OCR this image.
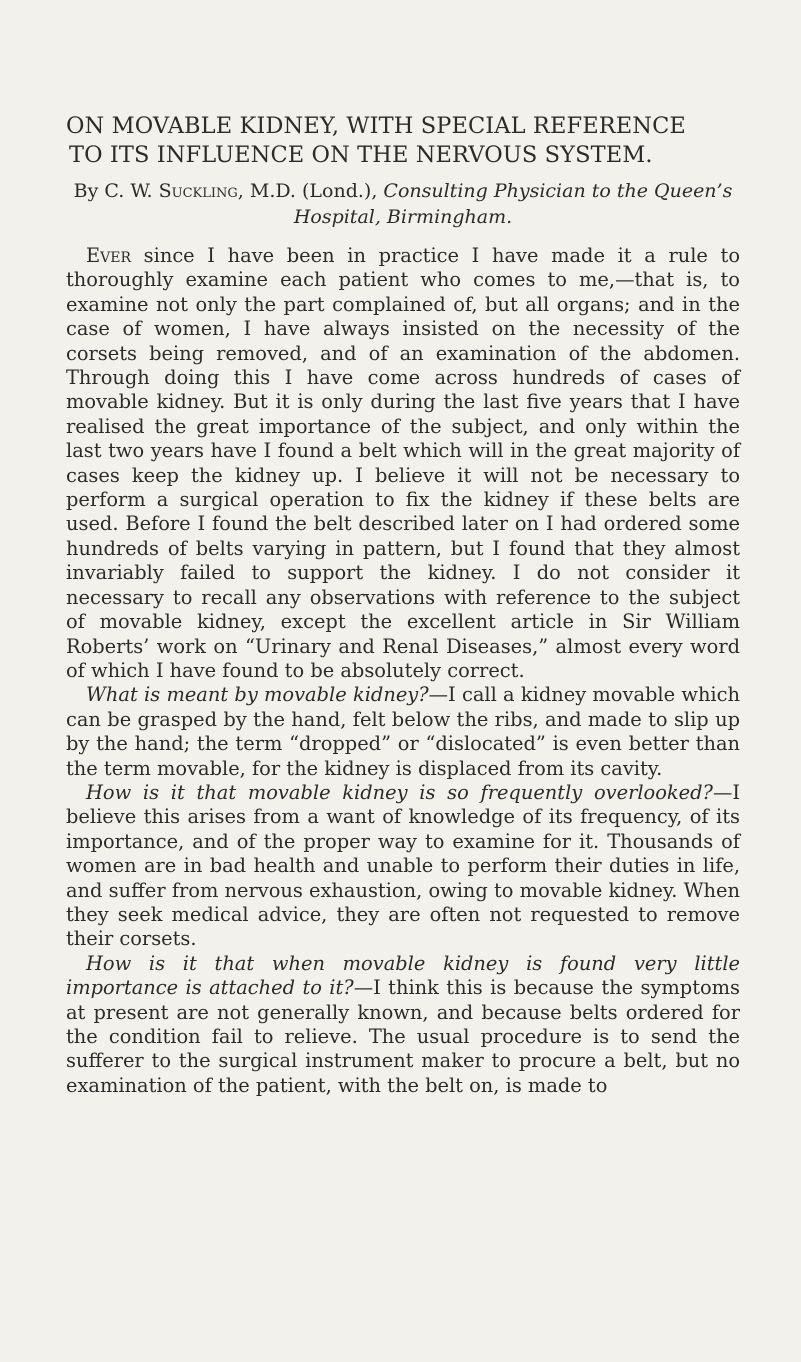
ON MOVABLE KIDNEY, WITH SPECIAL REFERENCE
TO ITS INFLUENCE ON THE NERVOUS SYSTEM.
By C. W. Suckling, M.D. (Lond.), Consulting Physician to the Queen’s Hospital, Birmingham.

Ever since I have been in practice I have made it a rule to thoroughly examine each patient who comes to me,—that is, to examine not only the part complained of, but all organs; and in the case of women, I have always insisted on the necessity of the corsets being removed, and of an examination of the abdomen. Through doing this I have come across hundreds of cases of movable kidney. But it is only during the last five years that I have realised the great importance of the subject, and only within the last two years have I found a belt which will in the great majority of cases keep the kidney up. I believe it will not be necessary to perform a surgical operation to fix the kidney if these belts are used. Before I found the belt described later on I had ordered some hundreds of belts varying in pattern, but I found that they almost invariably failed to support the kidney. I do not consider it necessary to recall any observations with reference to the subject of movable kidney, except the excellent article in Sir William Roberts’ work on “Urinary and Renal Diseases,” almost every word of which I have found to be absolutely correct.

What is meant by movable kidney?—I call a kidney movable which can be grasped by the hand, felt below the ribs, and made to slip up by the hand; the term “dropped” or “dislocated” is even better than the term movable, for the kidney is displaced from its cavity.

How is it that movable kidney is so frequently overlooked?—I believe this arises from a want of knowledge of its frequency, of its importance, and of the proper way to examine for it. Thousands of women are in bad health and unable to perform their duties in life, and suffer from nervous exhaustion, owing to movable kidney. When they seek medical advice, they are often not requested to remove their corsets.

How is it that when movable kidney is found very little importance is attached to it?—I think this is because the symptoms at present are not generally known, and because belts ordered for the condition fail to relieve. The usual procedure is to send the sufferer to the surgical instrument maker to procure a belt, but no examination of the patient, with the belt on, is made to
